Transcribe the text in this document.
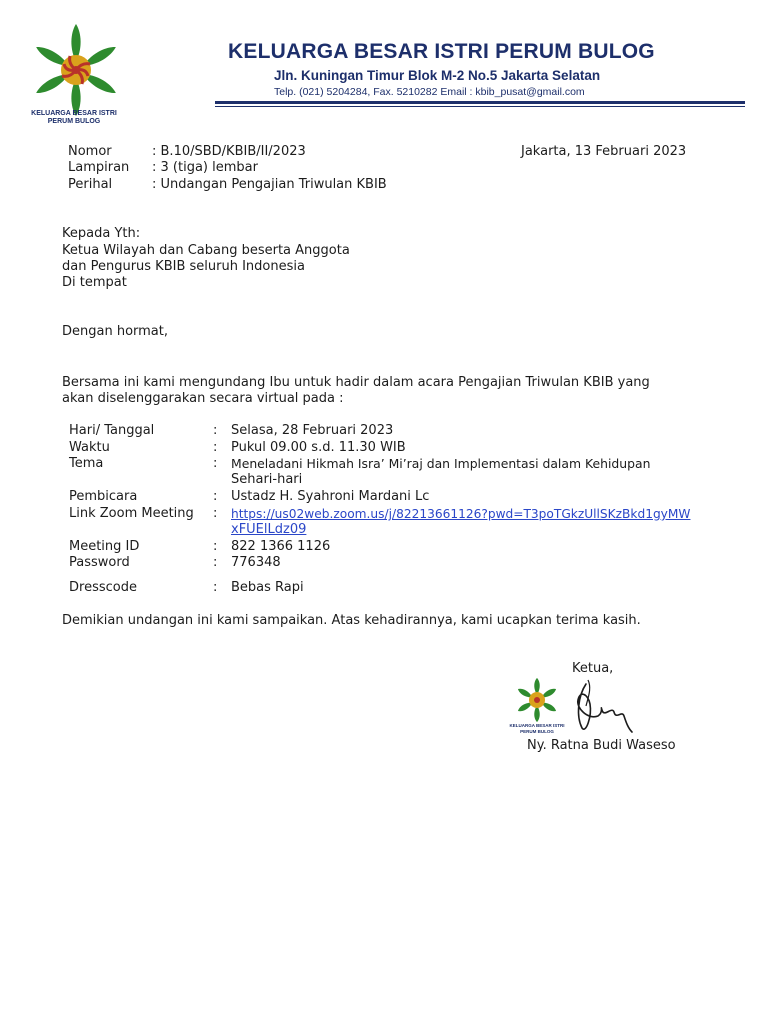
KELUARGA BESAR ISTRI
PERUM BULOG
KELUARGA BESAR ISTRI PERUM BULOG
Jln. Kuningan Timur Blok M-2 No.5 Jakarta Selatan
Telp. (021) 5204284, Fax. 5210282 Email : kbib_pusat@gmail.com
Nomor	: B.10/SBD/KBIB/II/2023	Jakarta, 13 Februari 2023
Lampiran : 3 (tiga) lembar
Perihal	: Undangan Pengajian Triwulan KBIB
Kepada Yth:
Ketua Wilayah dan Cabang beserta Anggota
dan Pengurus KBIB seluruh Indonesia
Di tempat
Dengan hormat,
Bersama ini kami mengundang Ibu untuk hadir dalam acara Pengajian Triwulan KBIB yang
akan diselenggarakan secara virtual pada :
Hari/ Tanggal	: Selasa, 28 Februari 2023
Waktu	: Pukul 09.00 s.d. 11.30 WIB
Tema	: Meneladani Hikmah Isra’ Mi’raj dan Implementasi dalam Kehidupan
Sehari-hari
Pembicara	: Ustadz H. Syahroni Mardani Lc
Link Zoom Meeting : https://us02web.zoom.us/j/82213661126?pwd=T3poTGkzUllSKzBkd1gyMW
xFUElLdz09
Meeting ID	: 822 1366 1126
Password	: 776348
Dresscode	: Bebas Rapi
Demikian undangan ini kami sampaikan. Atas kehadirannya, kami ucapkan terima kasih.
Ketua,
KELUARGA BESAR ISTRI
PERUM BULOG
Ny. Ratna Budi Waseso
